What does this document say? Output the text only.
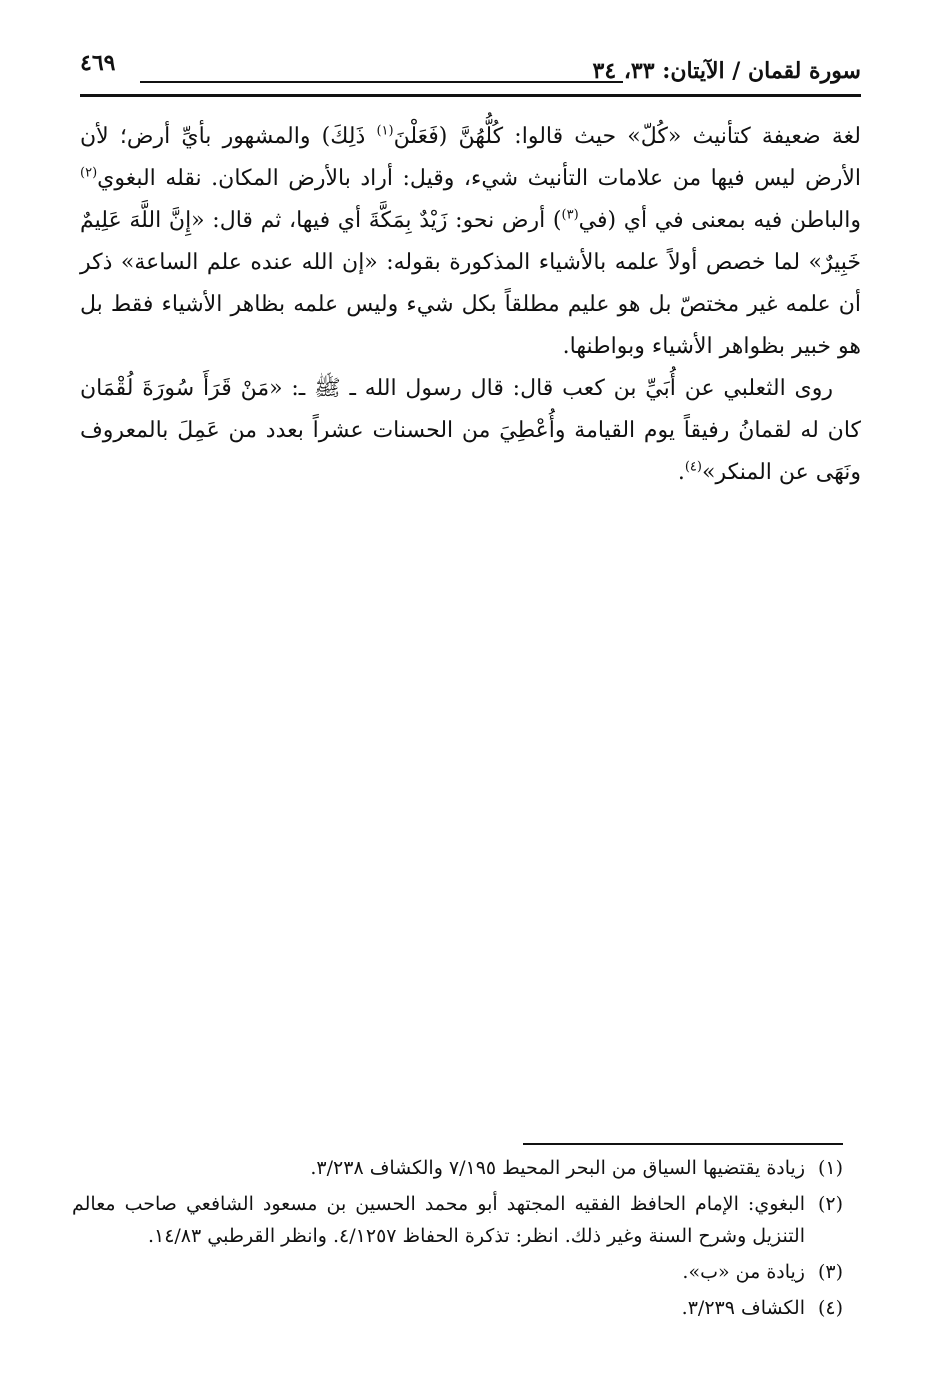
سورة لقمان / الآيتان: ٣٣، ٣٤
٤٦٩

لغة ضعيفة كتأنيث «كُلّ» حيث قالوا: كُلُّهُنَّ (فَعَلْنَ$^{(١)}$ ذَلِكَ) والمشهور بأيِّ أرض؛ لأن الأرض ليس فيها من علامات التأنيث شيء، وقيل: أراد بالأرض المكان. نقله البغوي$^{(٢)}$ والباطن فيه بمعنى في أي (في$^{(٣)}$) أرض نحو: زَيْدٌ بِمَكَّةَ أي فيها، ثم قال: «إِنَّ اللَّهَ عَلِيمٌ خَبِيرٌ» لما خصص أولاً علمه بالأشياء المذكورة بقوله: «إن الله عنده علم الساعة» ذكر أن علمه غير مختصّ بل هو عليم مطلقاً بكل شيء وليس علمه بظاهر الأشياء فقط بل هو خبير بظواهر الأشياء وبواطنها.

روى الثعلبي عن أُبَيِّ بن كعب قال: قال رسول الله ـ ﷺ ـ: «مَنْ قَرَأَ سُورَةَ لُقْمَان كان له لقمانُ رفيقاً يوم القيامة وأُعْطِيَ من الحسنات عشراً بعدد من عَمِلَ بالمعروف ونَهَى عن المنكر»$^{(٤)}$.

(١)
زيادة يقتضيها السياق من البحر المحيط ٧/١٩٥ والكشاف ٣/٢٣٨.

(٢)
البغوي: الإمام الحافظ الفقيه المجتهد أبو محمد الحسين بن مسعود الشافعي صاحب معالم التنزيل وشرح السنة وغير ذلك. انظر: تذكرة الحفاظ ٤/١٢٥٧. وانظر القرطبي ١٤/٨٣.

(٣)
زيادة من «ب».

(٤)
الكشاف ٣/٢٣٩.
